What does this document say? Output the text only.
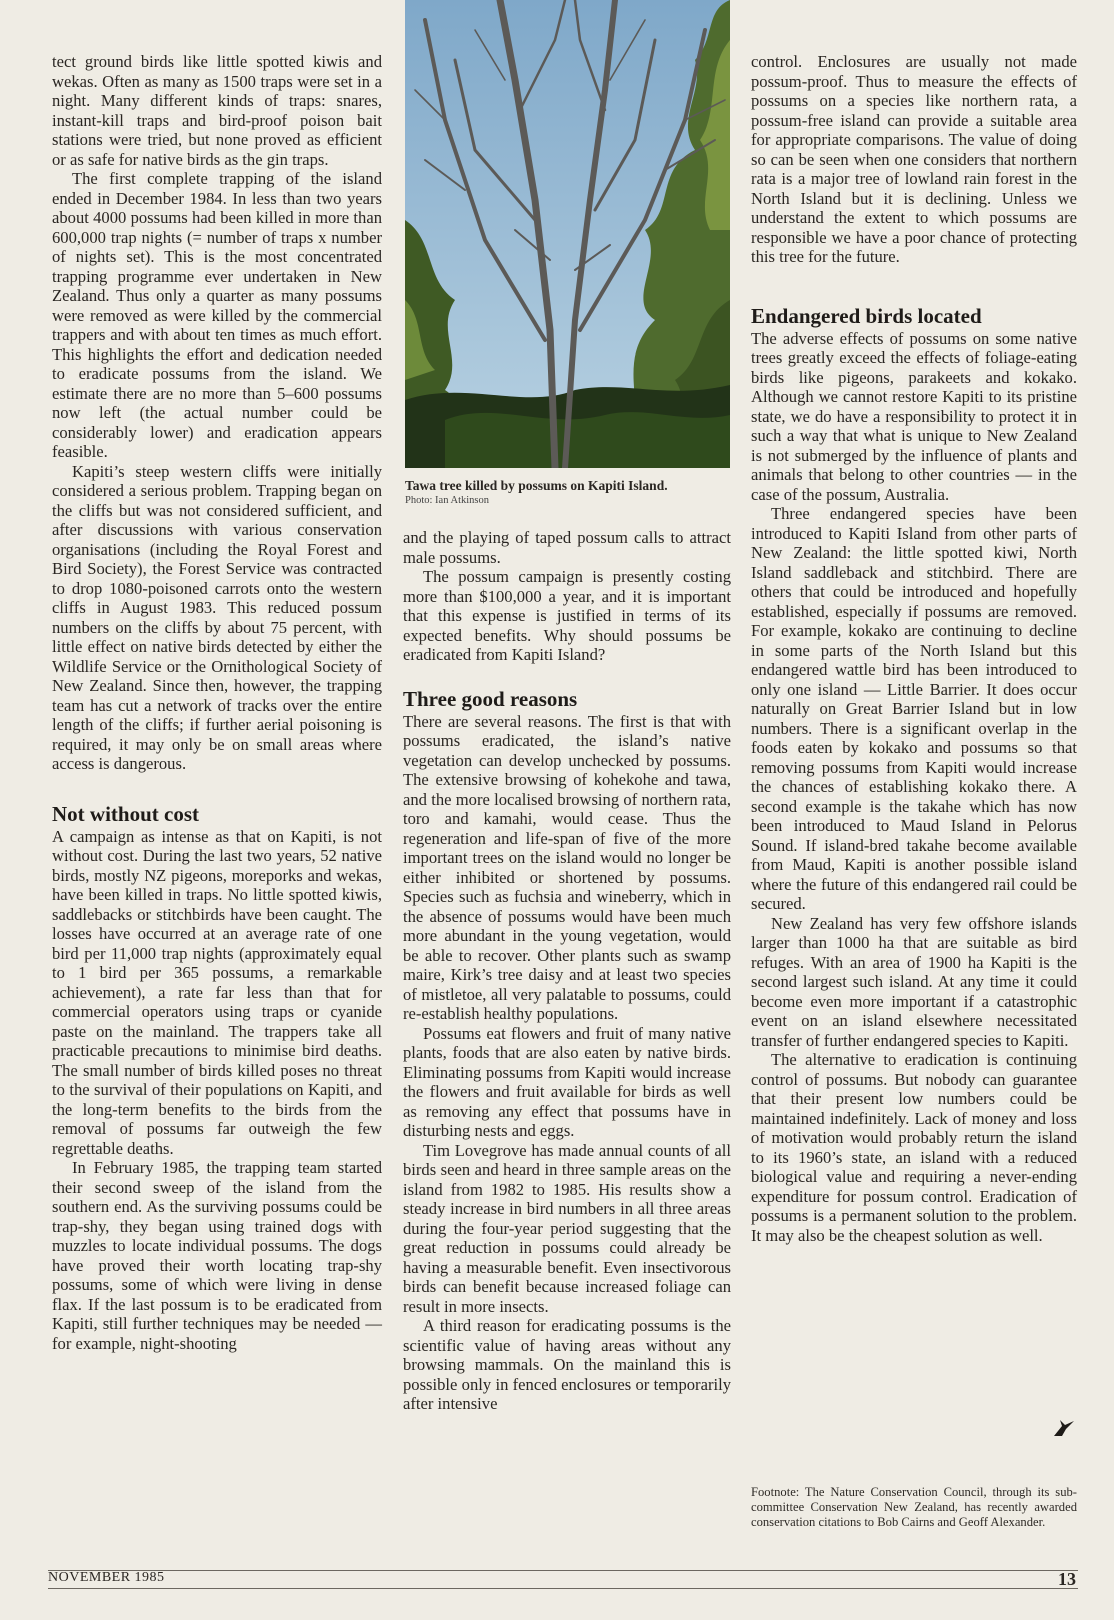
tect ground birds like little spotted kiwis and wekas. Often as many as 1500 traps were set in a night. Many different kinds of traps: snares, instant-kill traps and bird-proof poison bait stations were tried, but none proved as efficient or as safe for native birds as the gin traps.

The first complete trapping of the island ended in December 1984. In less than two years about 4000 possums had been killed in more than 600,000 trap nights (= number of traps x number of nights set). This is the most concentrated trapping programme ever undertaken in New Zealand. Thus only a quarter as many possums were removed as were killed by the commercial trappers and with about ten times as much effort. This highlights the effort and dedication needed to eradicate possums from the island. We estimate there are no more than 5–600 possums now left (the actual number could be considerably lower) and eradication appears feasible.

Kapiti’s steep western cliffs were initially considered a serious problem. Trapping began on the cliffs but was not considered sufficient, and after discussions with various conservation organisations (including the Royal Forest and Bird Society), the Forest Service was contracted to drop 1080-poisoned carrots onto the western cliffs in August 1983. This reduced possum numbers on the cliffs by about 75 percent, with little effect on native birds detected by either the Wildlife Service or the Ornithological Society of New Zealand. Since then, however, the trapping team has cut a network of tracks over the entire length of the cliffs; if further aerial poisoning is required, it may only be on small areas where access is dangerous.

Not without cost

A campaign as intense as that on Kapiti, is not without cost. During the last two years, 52 native birds, mostly NZ pigeons, moreporks and wekas, have been killed in traps. No little spotted kiwis, saddlebacks or stitchbirds have been caught. The losses have occurred at an average rate of one bird per 11,000 trap nights (approximately equal to 1 bird per 365 possums, a remarkable achievement), a rate far less than that for commercial operators using traps or cyanide paste on the mainland. The trappers take all practicable precautions to minimise bird deaths. The small number of birds killed poses no threat to the survival of their populations on Kapiti, and the long-term benefits to the birds from the removal of possums far outweigh the few regrettable deaths.

In February 1985, the trapping team started their second sweep of the island from the southern end. As the surviving possums could be trap-shy, they began using trained dogs with muzzles to locate individual possums. The dogs have proved their worth locating trap-shy possums, some of which were living in dense flax. If the last possum is to be eradicated from Kapiti, still further techniques may be needed — for example, night-shooting

Tawa tree killed by possums on Kapiti Island.
Photo: Ian Atkinson

and the playing of taped possum calls to attract male possums.

The possum campaign is presently costing more than $100,000 a year, and it is important that this expense is justified in terms of its expected benefits. Why should possums be eradicated from Kapiti Island?

Three good reasons

There are several reasons. The first is that with possums eradicated, the island’s native vegetation can develop unchecked by possums. The extensive browsing of kohekohe and tawa, and the more localised browsing of northern rata, toro and kamahi, would cease. Thus the regeneration and life-span of five of the more important trees on the island would no longer be either inhibited or shortened by possums. Species such as fuchsia and wineberry, which in the absence of possums would have been much more abundant in the young vegetation, would be able to recover. Other plants such as swamp maire, Kirk’s tree daisy and at least two species of mistletoe, all very palatable to possums, could re-establish healthy populations.

Possums eat flowers and fruit of many native plants, foods that are also eaten by native birds. Eliminating possums from Kapiti would increase the flowers and fruit available for birds as well as removing any effect that possums have in disturbing nests and eggs.

Tim Lovegrove has made annual counts of all birds seen and heard in three sample areas on the island from 1982 to 1985. His results show a steady increase in bird numbers in all three areas during the four-year period suggesting that the great reduction in possums could already be having a measurable benefit. Even insectivorous birds can benefit because increased foliage can result in more insects.

A third reason for eradicating possums is the scientific value of having areas without any browsing mammals. On the mainland this is possible only in fenced enclosures or temporarily after intensive

control. Enclosures are usually not made possum-proof. Thus to measure the effects of possums on a species like northern rata, a possum-free island can provide a suitable area for appropriate comparisons. The value of doing so can be seen when one considers that northern rata is a major tree of lowland rain forest in the North Island but it is declining. Unless we understand the extent to which possums are responsible we have a poor chance of protecting this tree for the future.

Endangered birds located

The adverse effects of possums on some native trees greatly exceed the effects of foliage-eating birds like pigeons, parakeets and kokako. Although we cannot restore Kapiti to its pristine state, we do have a responsibility to protect it in such a way that what is unique to New Zealand is not submerged by the influence of plants and animals that belong to other countries — in the case of the possum, Australia.

Three endangered species have been introduced to Kapiti Island from other parts of New Zealand: the little spotted kiwi, North Island saddleback and stitchbird. There are others that could be introduced and hopefully established, especially if possums are removed. For example, kokako are continuing to decline in some parts of the North Island but this endangered wattle bird has been introduced to only one island — Little Barrier. It does occur naturally on Great Barrier Island but in low numbers. There is a significant overlap in the foods eaten by kokako and possums so that removing possums from Kapiti would increase the chances of establishing kokako there. A second example is the takahe which has now been introduced to Maud Island in Pelorus Sound. If island-bred takahe become available from Maud, Kapiti is another possible island where the future of this endangered rail could be secured.

New Zealand has very few offshore islands larger than 1000 ha that are suitable as bird refuges. With an area of 1900 ha Kapiti is the second largest such island. At any time it could become even more important if a catastrophic event on an island elsewhere necessitated transfer of further endangered species to Kapiti.

The alternative to eradication is continuing control of possums. But nobody can guarantee that their present low numbers could be maintained indefinitely. Lack of money and loss of motivation would probably return the island to its 1960’s state, an island with a reduced biological value and requiring a never-ending expenditure for possum control. Eradication of possums is a permanent solution to the problem. It may also be the cheapest solution as well.

Footnote: The Nature Conservation Council, through its sub-committee Conservation New Zealand, has recently awarded conservation citations to Bob Cairns and Geoff Alexander.
NOVEMBER 1985	13
